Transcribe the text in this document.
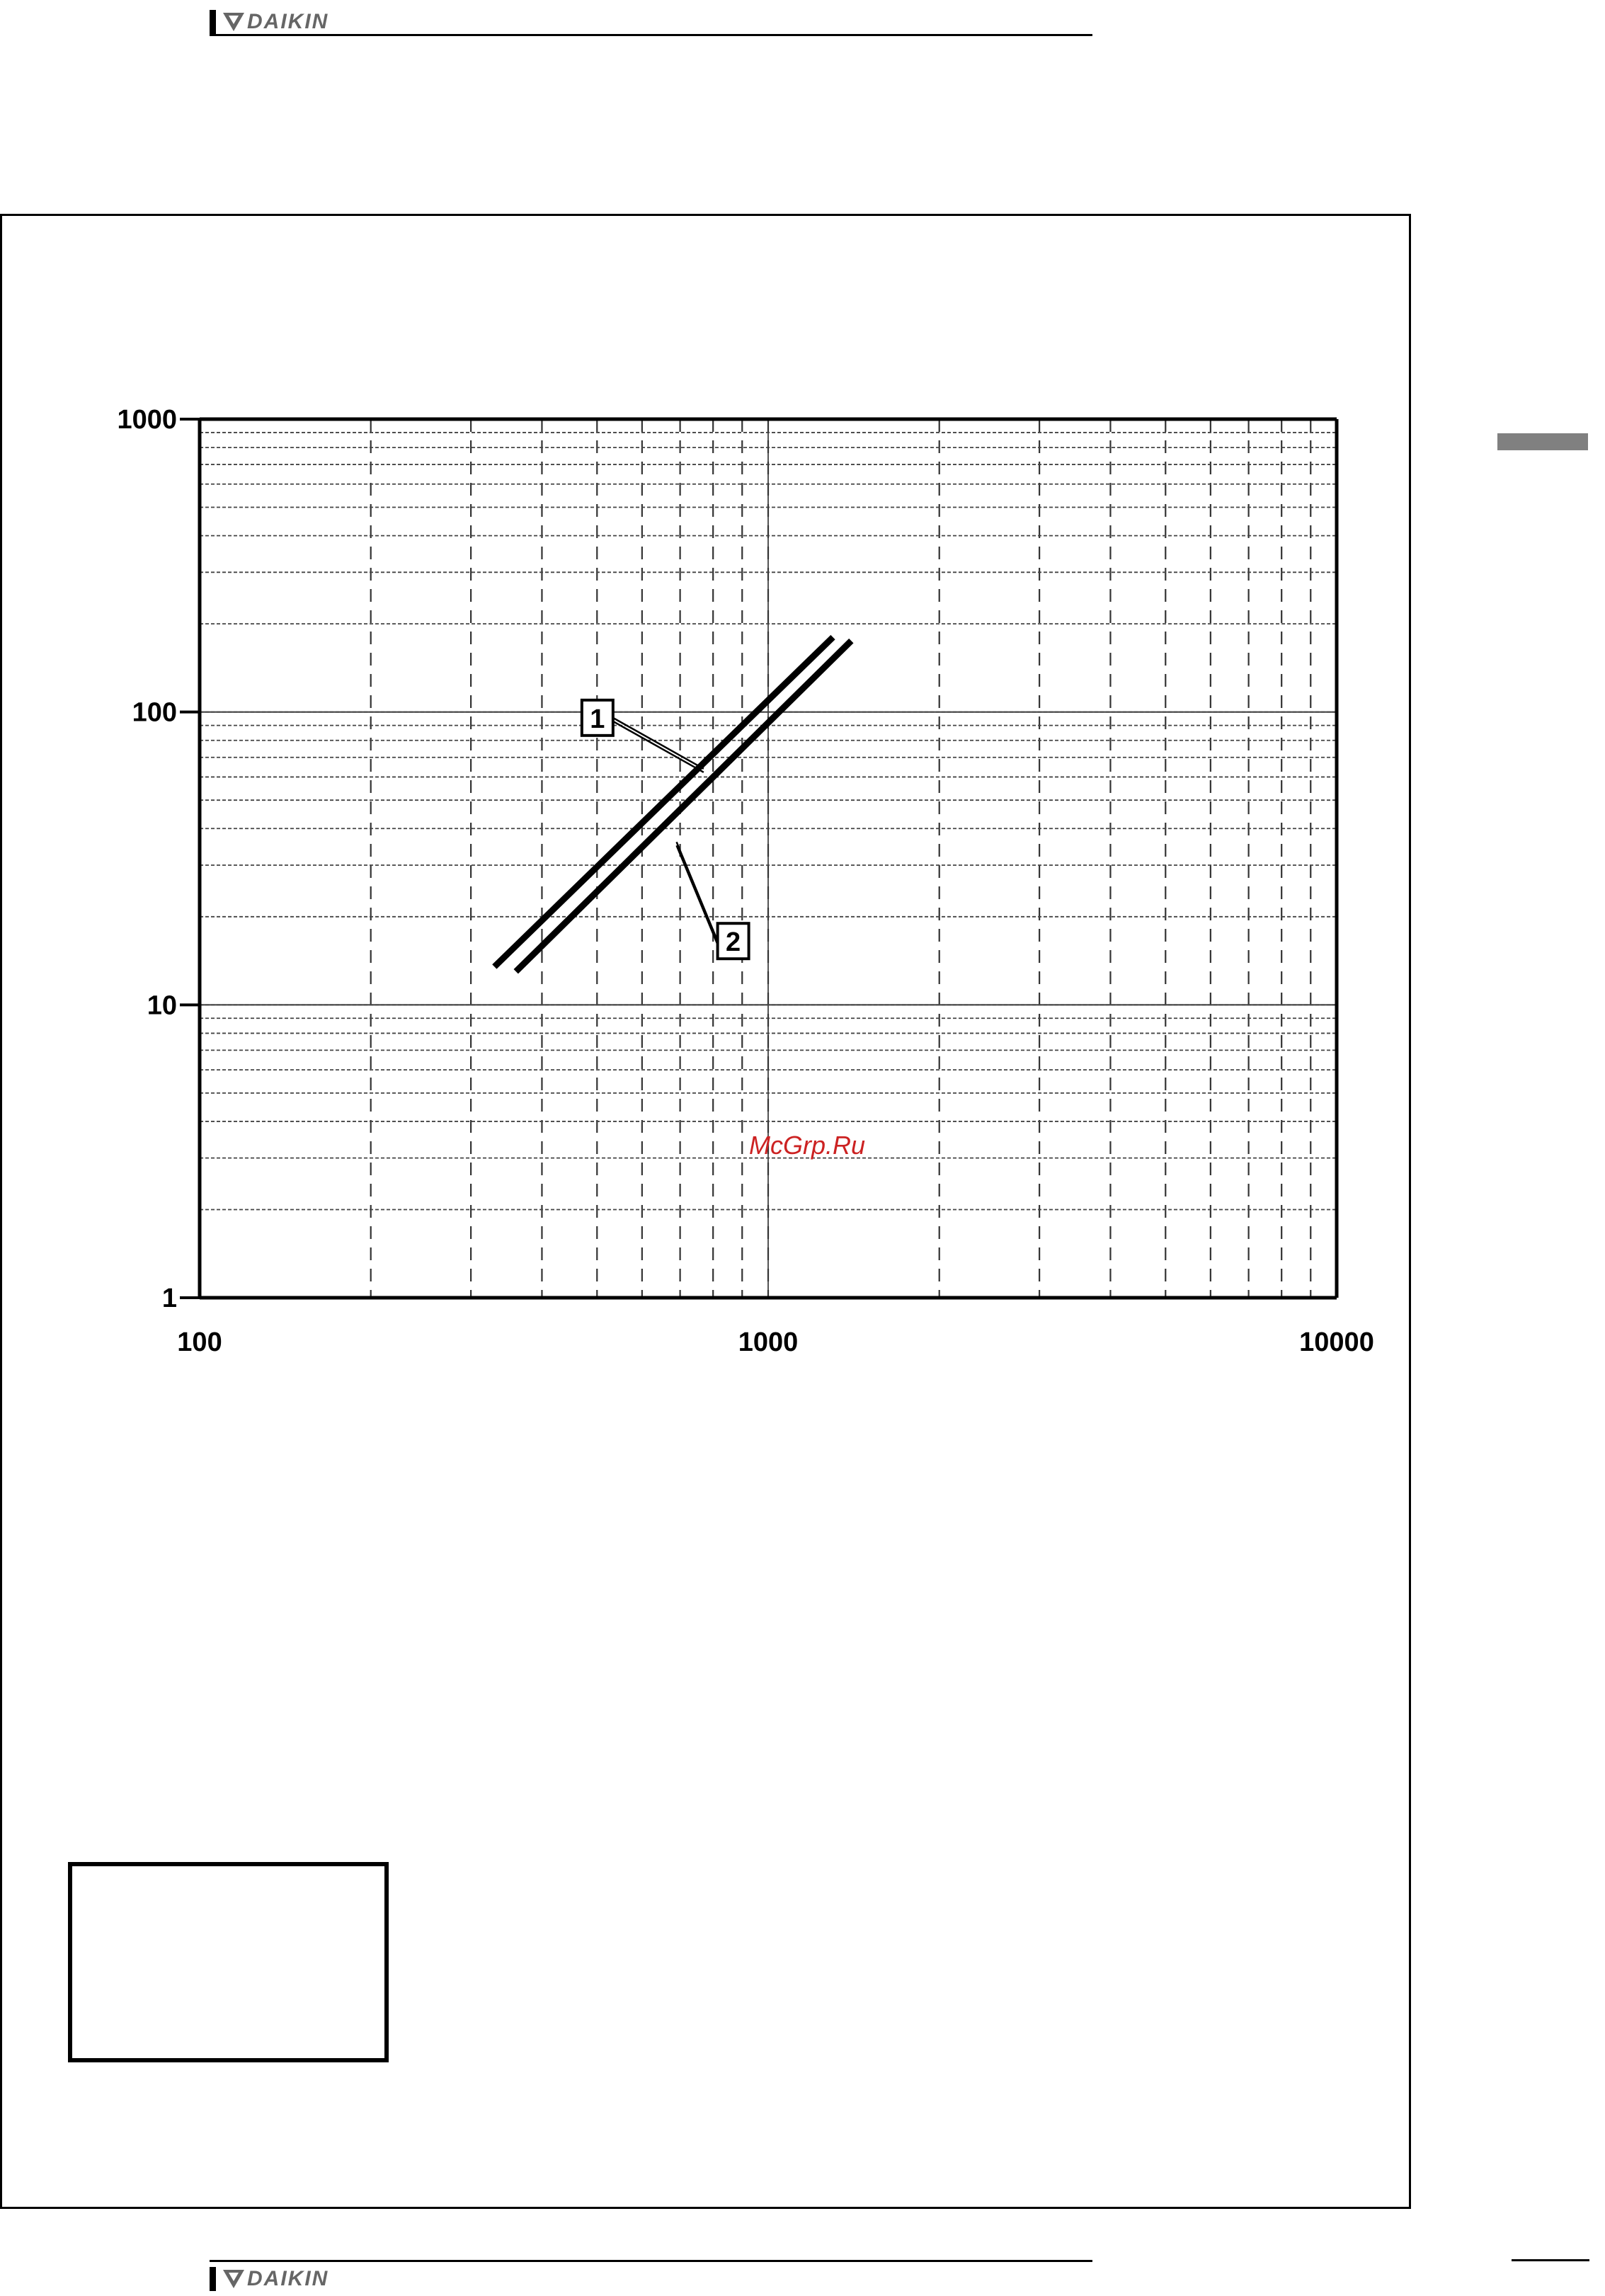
DAIKIN
1
10
100
1000
100	1000	10000
1
2
McGrp.Ru
DAIKIN
